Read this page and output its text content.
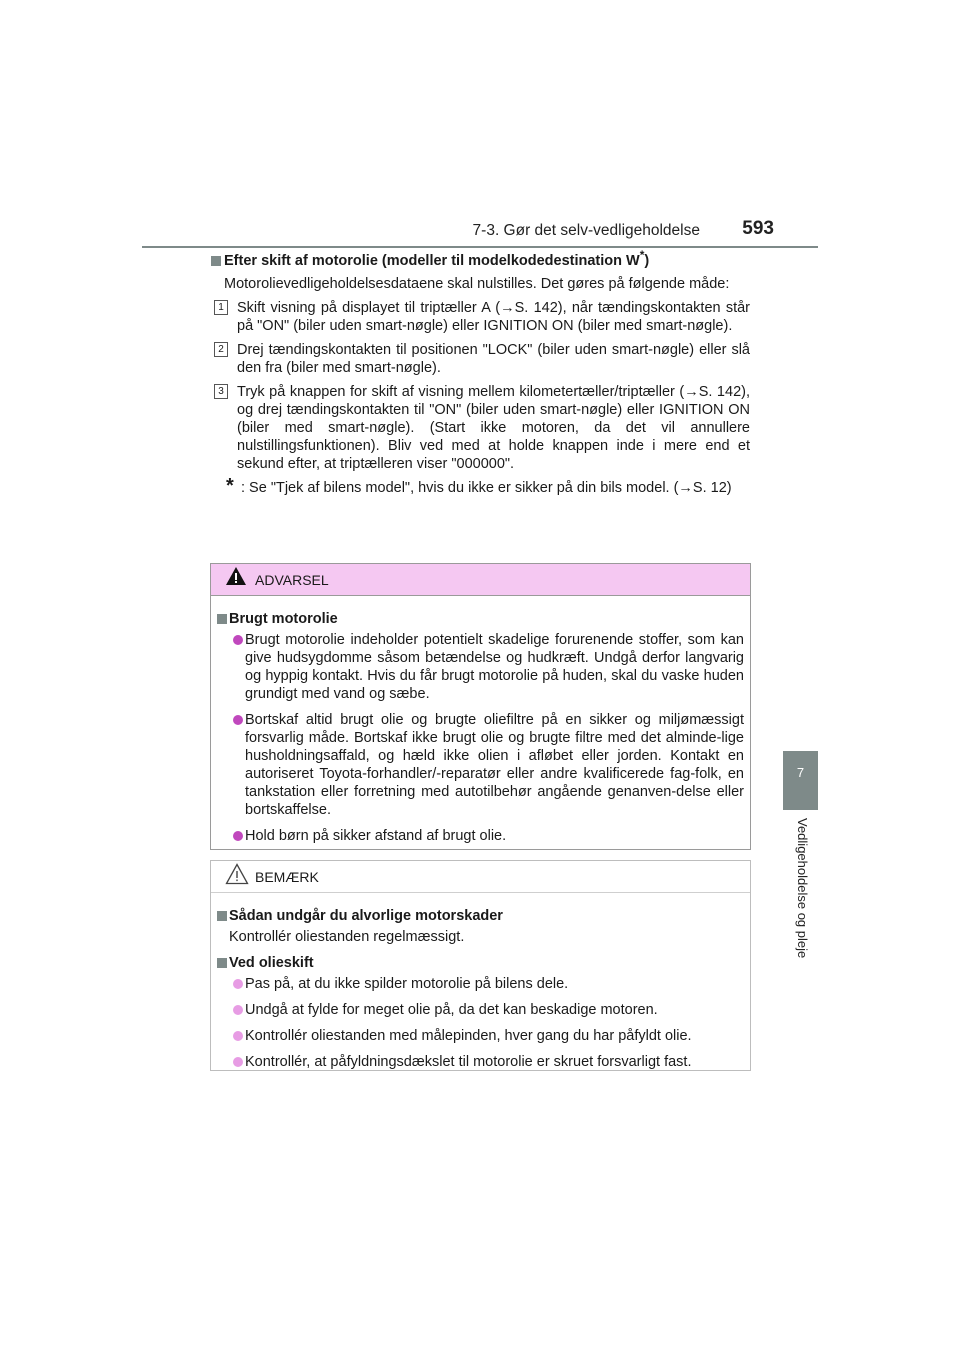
7-3. Gør det selv-vedligeholdelse 593
7
Vedligeholdelse og pleje
Efter skift af motorolie (modeller til modelkodedestination W*)
Motorolievedligeholdelsesdataene skal nulstilles. Det gøres på følgende måde:
1 Skift visning på displayet til triptæller A (→S. 142), når tændingskontakten står på "ON" (biler uden smart-nøgle) eller IGNITION ON (biler med smart-nøgle).
2 Drej tændingskontakten til positionen "LOCK" (biler uden smart-nøgle) eller slå den fra (biler med smart-nøgle).
3 Tryk på knappen for skift af visning mellem kilometertæller/triptæller (→S. 142), og drej tændingskontakten til "ON" (biler uden smart-nøgle) eller IGNITION ON (biler med smart-nøgle). (Start ikke motoren, da det vil annullere nulstillingsfunktionen). Bliv ved med at holde knappen inde i mere end et sekund efter, at triptælleren viser "000000".
* : Se "Tjek af bilens model", hvis du ikke er sikker på din bils model. (→S. 12)
ADVARSEL
Brugt motorolie
Brugt motorolie indeholder potentielt skadelige forurenende stoffer, som kan give hudsygdomme såsom betændelse og hudkræft. Undgå derfor langvarig og hyppig kontakt. Hvis du får brugt motorolie på huden, skal du vaske huden grundigt med vand og sæbe.
Bortskaf altid brugt olie og brugte oliefiltre på en sikker og miljømæssigt forsvarlig måde. Bortskaf ikke brugt olie og brugte filtre med det alminde-lige husholdningsaffald, og hæld ikke olien i afløbet eller jorden. Kontakt en autoriseret Toyota-forhandler/-reparatør eller andre kvalificerede fag-folk, en tankstation eller forretning med autotilbehør angående genanven-delse eller bortskaffelse.
Hold børn på sikker afstand af brugt olie.
BEMÆRK
Sådan undgår du alvorlige motorskader
Kontrollér oliestanden regelmæssigt.
Ved olieskift
Pas på, at du ikke spilder motorolie på bilens dele.
Undgå at fylde for meget olie på, da det kan beskadige motoren.
Kontrollér oliestanden med målepinden, hver gang du har påfyldt olie.
Kontrollér, at påfyldningsdækslet til motorolie er skruet forsvarligt fast.
